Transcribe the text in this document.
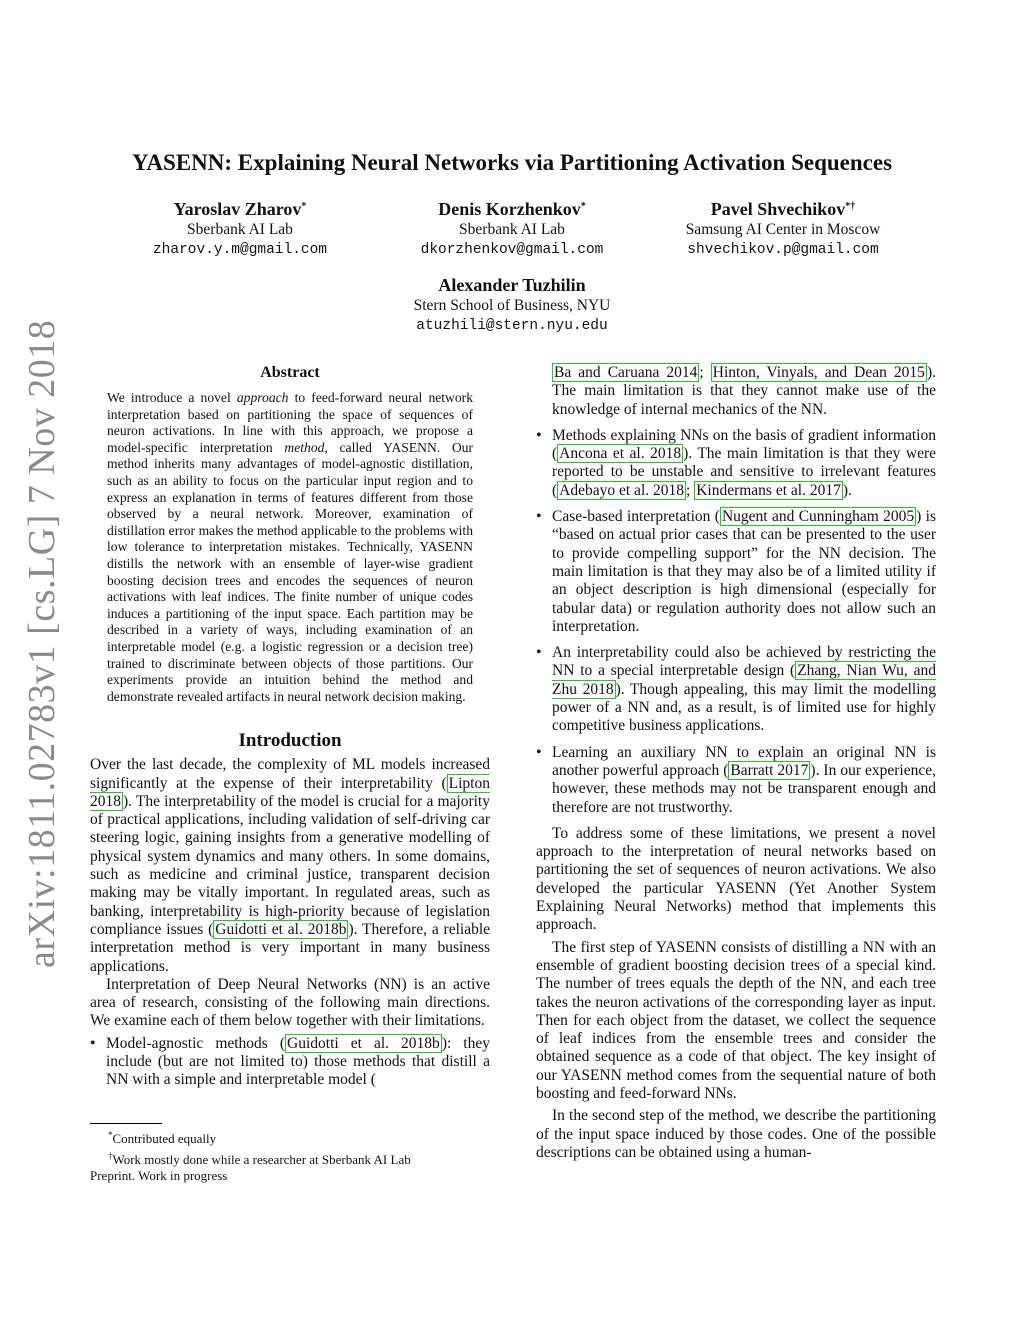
arXiv:1811.02783v1 [cs.LG] 7 Nov 2018
YASENN: Explaining Neural Networks via Partitioning Activation Sequences
Yaroslav Zharov*
Sberbank AI Lab
zharov.y.m@gmail.com
Denis Korzhenkov*
Sberbank AI Lab
dkorzhenkov@gmail.com
Pavel Shvechikov*†
Samsung AI Center in Moscow
shvechikov.p@gmail.com
Alexander Tuzhilin
Stern School of Business, NYU
atuzhili@stern.nyu.edu
Abstract
We introduce a novel approach to feed-forward neural network interpretation based on partitioning the space of sequences of neuron activations. In line with this approach, we propose a model-specific interpretation method, called YASENN. Our method inherits many advantages of model-agnostic distillation, such as an ability to focus on the particular input region and to express an explanation in terms of features different from those observed by a neural network. Moreover, examination of distillation error makes the method applicable to the problems with low tolerance to interpretation mistakes. Technically, YASENN distills the network with an ensemble of layer-wise gradient boosting decision trees and encodes the sequences of neuron activations with leaf indices. The finite number of unique codes induces a partitioning of the input space. Each partition may be described in a variety of ways, including examination of an interpretable model (e.g. a logistic regression or a decision tree) trained to discriminate between objects of those partitions. Our experiments provide an intuition behind the method and demonstrate revealed artifacts in neural network decision making.
Introduction

Over the last decade, the complexity of ML models increased significantly at the expense of their interpretability ( Lipton 2018 ). The interpretability of the model is crucial for a majority of practical applications, including validation of self-driving car steering logic, gaining insights from a generative modelling of physical system dynamics and many others. In some domains, such as medicine and criminal justice, transparent decision making may be vitally important. In regulated areas, such as banking, interpretability is high-priority because of legislation compliance issues ( Guidotti et al. 2018b ). Therefore, a reliable interpretation method is very important in many business applications.

Interpretation of Deep Neural Networks (NN) is an active area of research, consisting of the following main directions. We examine each of them below together with their limitations.

• Model-agnostic methods ( Guidotti et al. 2018b ): they include (but are not limited to) those methods that distill a NN with a simple and interpretable model (
*Contributed equally
†Work mostly done while a researcher at Sberbank AI Lab
Preprint. Work in progress

Ba and Caruana 2014 ; Hinton, Vinyals, and Dean 2015 ). The main limitation is that they cannot make use of the knowledge of internal mechanics of the NN.

• Methods explaining NNs on the basis of gradient information ( Ancona et al. 2018 ). The main limitation is that they were reported to be unstable and sensitive to irrelevant features ( Adebayo et al. 2018 ; Kindermans et al. 2017 ).
• Case-based interpretation ( Nugent and Cunningham 2005 ) is “based on actual prior cases that can be presented to the user to provide compelling support” for the NN decision. The main limitation is that they may also be of a limited utility if an object description is high dimensional (especially for tabular data) or regulation authority does not allow such an interpretation.
• An interpretability could also be achieved by restricting the NN to a special interpretable design ( Zhang, Nian Wu, and Zhu 2018 ). Though appealing, this may limit the modelling power of a NN and, as a result, is of limited use for highly competitive business applications.
• Learning an auxiliary NN to explain an original NN is another powerful approach ( Barratt 2017 ). In our experience, however, these methods may not be transparent enough and therefore are not trustworthy.

To address some of these limitations, we present a novel approach to the interpretation of neural networks based on partitioning the set of sequences of neuron activations. We also developed the particular YASENN (Yet Another System Explaining Neural Networks) method that implements this approach.

The first step of YASENN consists of distilling a NN with an ensemble of gradient boosting decision trees of a special kind. The number of trees equals the depth of the NN, and each tree takes the neuron activations of the corresponding layer as input. Then for each object from the dataset, we collect the sequence of leaf indices from the ensemble trees and consider the obtained sequence as a code of that object. The key insight of our YASENN method comes from the sequential nature of both boosting and feed-forward NNs.

In the second step of the method, we describe the partitioning of the input space induced by those codes. One of the possible descriptions can be obtained using a human-
